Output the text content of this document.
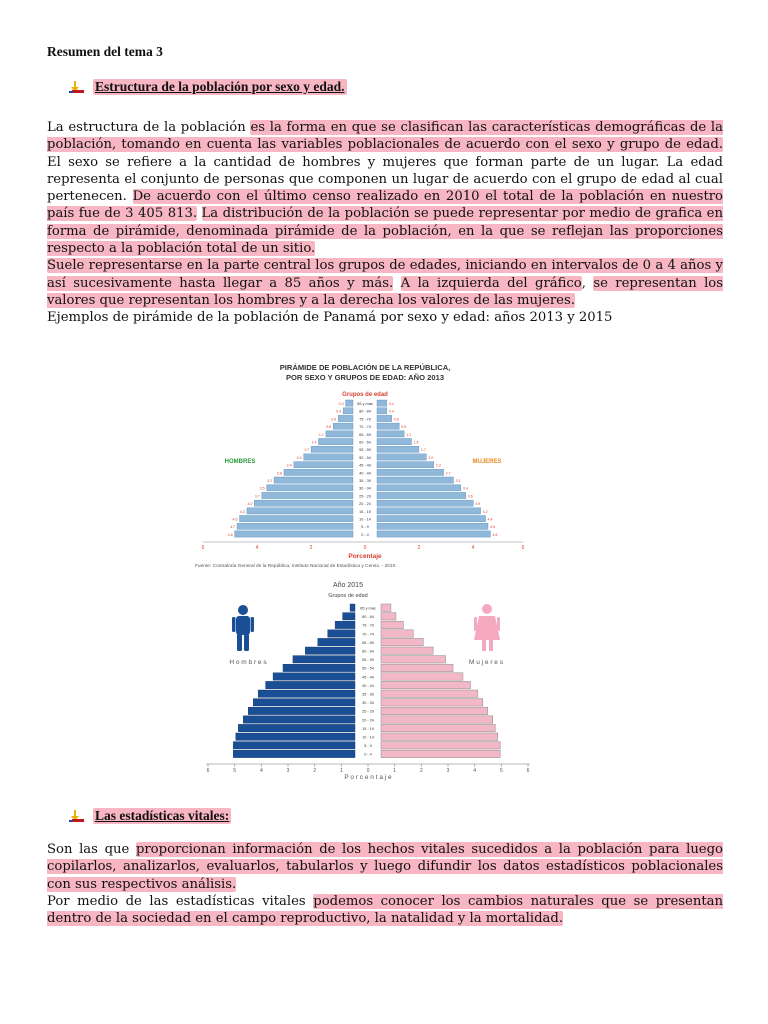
Resumen del tema 3
Estructura de la población por sexo y edad.
La estructura de la población es la forma en que se clasifican las características demográficas de la población, tomando en cuenta las variables poblacionales de acuerdo con el sexo y grupo de edad. El sexo se refiere a la cantidad de hombres y mujeres que forman parte de un lugar. La edad representa el conjunto de personas que componen un lugar de acuerdo con el grupo de edad al cual pertenecen. De acuerdo con el último censo realizado en 2010 el total de la población en nuestro país fue de 3 405 813. La distribución de la población se puede representar por medio de grafica en forma de pirámide, denominada pirámide de la población, en la que se reflejan las proporciones respecto a la población total de un sitio.
Suele representarse en la parte central los grupos de edades, iniciando en intervalos de 0 a 4 años y así sucesivamente hasta llegar a 85 años y más. A la izquierda del gráfico, se representan los valores que representan los hombres y a la derecha los valores de las mujeres.
Ejemplos de pirámide de la población de Panamá por sexo y edad: años 2013 y 2015
PIRÁMIDE DE POBLACIÓN DE LA REPÚBLICA,
POR SEXO Y GRUPOS DE EDAD: AÑO 2013
Grupos de edad
HOMBRES	MUJERES
85 y más
0.3	0.4
80 - 84
0.4	0.4
75 - 79
0.6	0.6
70 - 74
0.8	0.9
65 - 69
1.1	1.1
60 - 64
1.4	1.4
55 - 59
1.7	1.7
50 - 54
2.0	2.0
45 - 49
2.4	2.3
40 - 44
2.8	2.7
35 - 39
3.2	3.1
30 - 34
3.5	3.4
25 - 29
3.7	3.6
20 - 24
4.0	3.9
15 - 19
4.3	4.2
10 - 14
4.6	4.4
5 - 9
4.7	4.5
0 - 4
4.8	4.6
6	4	2	0	2	4	6
Porcentaje
Fuente: Contraloría General de la República, Instituto Nacional de Estadística y Censo. - 2010.
Año 2015
Grupos de edad
H o m b r e s	M u j e r e s
85 y más
80 - 84
75 - 79
70 - 74
65 - 69
60 - 64
55 - 59
50 - 54
45 - 49
40 - 44
35 - 39
30 - 34
25 - 29
20 - 24
15 - 19
10 - 14
5 - 9
0 - 4
6	5	4	3	2	1	0	1	2	3	4	5	6
P o r c e n t a j e
Las estadísticas vitales:
Son las que proporcionan información de los hechos vitales sucedidos a la población para luego copilarlos, analizarlos, evaluarlos, tabularlos y luego difundir los datos estadísticos poblacionales con sus respectivos análisis.
Por medio de las estadísticas vitales podemos conocer los cambios naturales que se presentan dentro de la sociedad en el campo reproductivo, la natalidad y la mortalidad.
